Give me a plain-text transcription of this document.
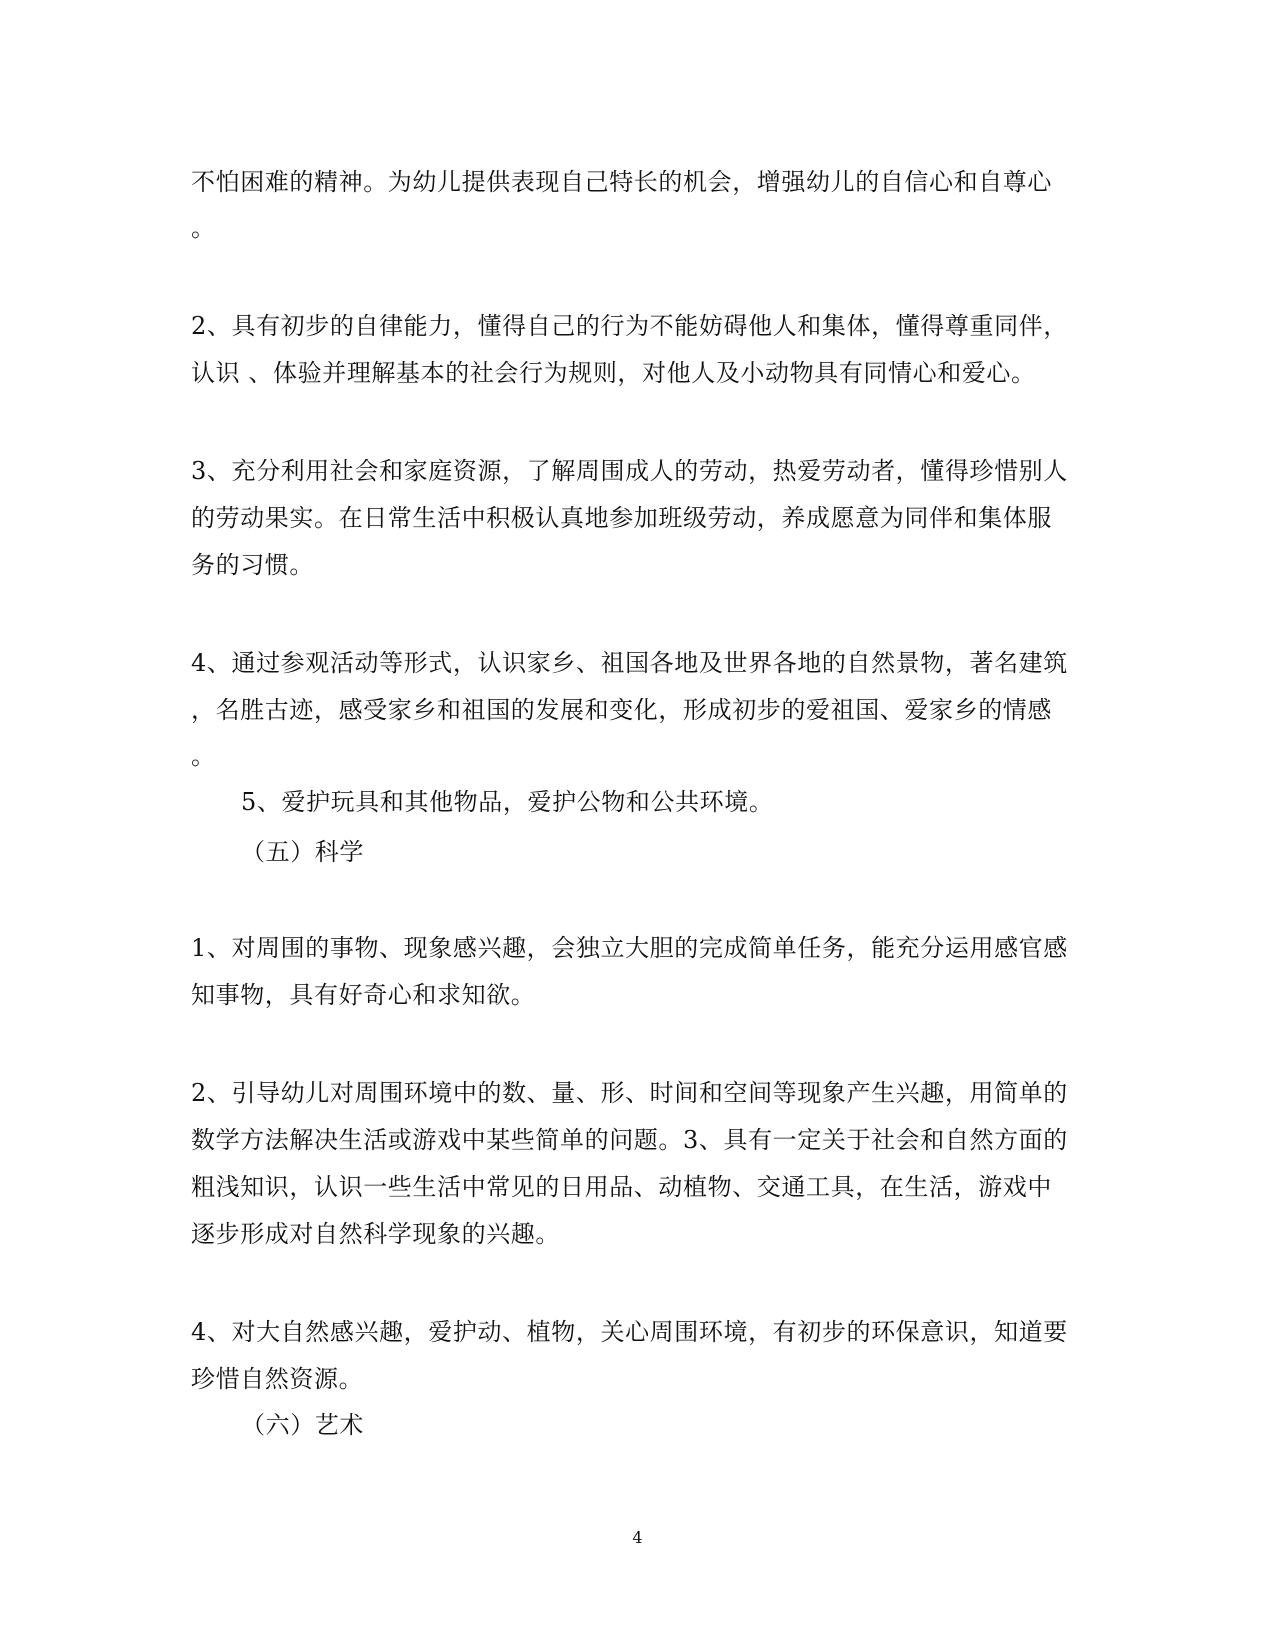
不怕困难的精神。为幼儿提供表现自己特长的机会，增强幼儿的自信心和自尊心
。
2、具有初步的自律能力，懂得自己的行为不能妨碍他人和集体，懂得尊重同伴，
认识 、体验并理解基本的社会行为规则，对他人及小动物具有同情心和爱心。
3、充分利用社会和家庭资源，了解周围成人的劳动，热爱劳动者，懂得珍惜别人
的劳动果实。在日常生活中积极认真地参加班级劳动，养成愿意为同伴和集体服
务的习惯。
4、通过参观活动等形式，认识家乡、祖国各地及世界各地的自然景物，著名建筑
，名胜古迹，感受家乡和祖国的发展和变化，形成初步的爱祖国、爱家乡的情感
。
5、爱护玩具和其他物品，爱护公物和公共环境。
（五）科学
1、对周围的事物、现象感兴趣，会独立大胆的完成简单任务，能充分运用感官感
知事物，具有好奇心和求知欲。
2、引导幼儿对周围环境中的数、量、形、时间和空间等现象产生兴趣，用简单的
数学方法解决生活或游戏中某些简单的问题。3、具有一定关于社会和自然方面的
粗浅知识，认识一些生活中常见的日用品、动植物、交通工具，在生活，游戏中
逐步形成对自然科学现象的兴趣。
4、对大自然感兴趣，爱护动、植物，关心周围环境，有初步的环保意识，知道要
珍惜自然资源。
（六）艺术
4
